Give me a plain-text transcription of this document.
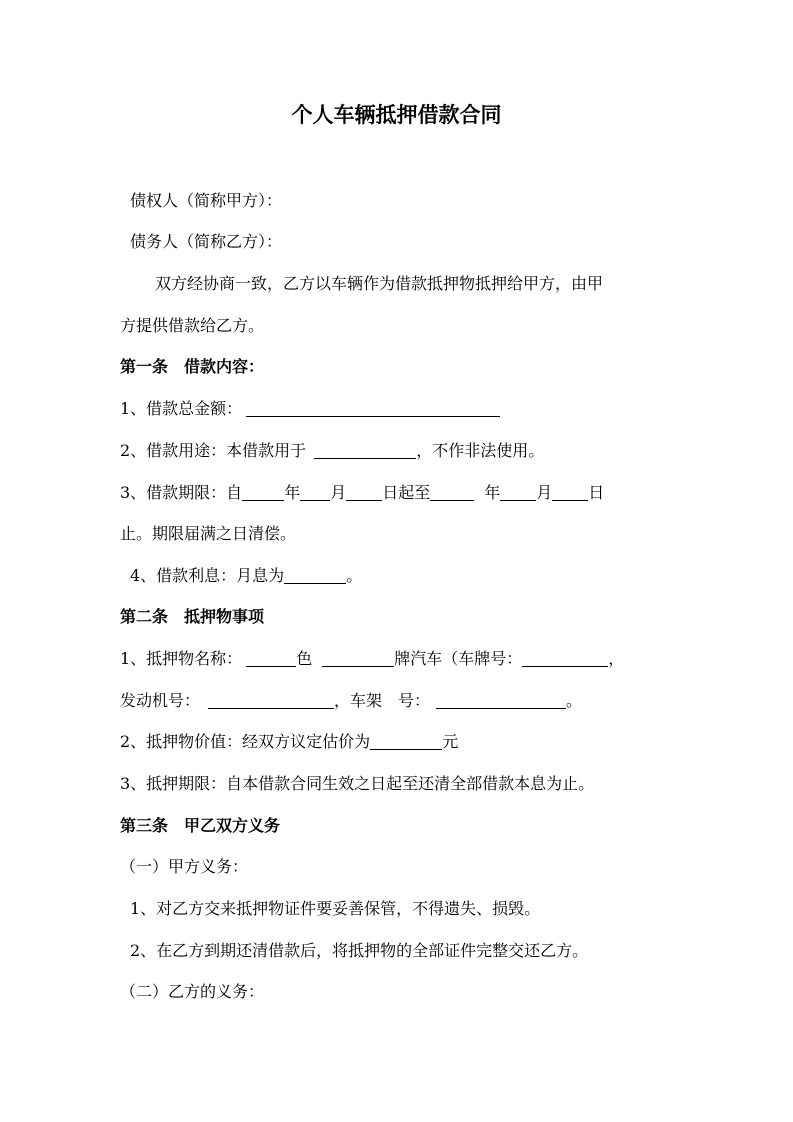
个人车辆抵押借款合同
债权人（简称甲方）：
债务人（简称乙方）：
双方经协商一致，乙方以车辆作为借款抵押物抵押给甲方，由甲
方提供借款给乙方。
第一条　借款内容：
1、借款总金额：
2、借款用途：本借款用于	，不作非法使用。
3、借款期限：自	年 月 日起至	年 月 日
止。期限届满之日清偿。
4、借款利息：月息为	。
第二条　抵押物事项
1、抵押物名称：	色	牌汽车（车牌号：	，
发动机号：	，车架　号：	。
2、抵押物价值：经双方议定估价为	元
3、抵押期限：自本借款合同生效之日起至还清全部借款本息为止。
第三条　甲乙双方义务
（一）甲方义务：
1、对乙方交来抵押物证件要妥善保管，不得遗失、损毁。
2、在乙方到期还清借款后，将抵押物的全部证件完整交还乙方。
（二）乙方的义务：
